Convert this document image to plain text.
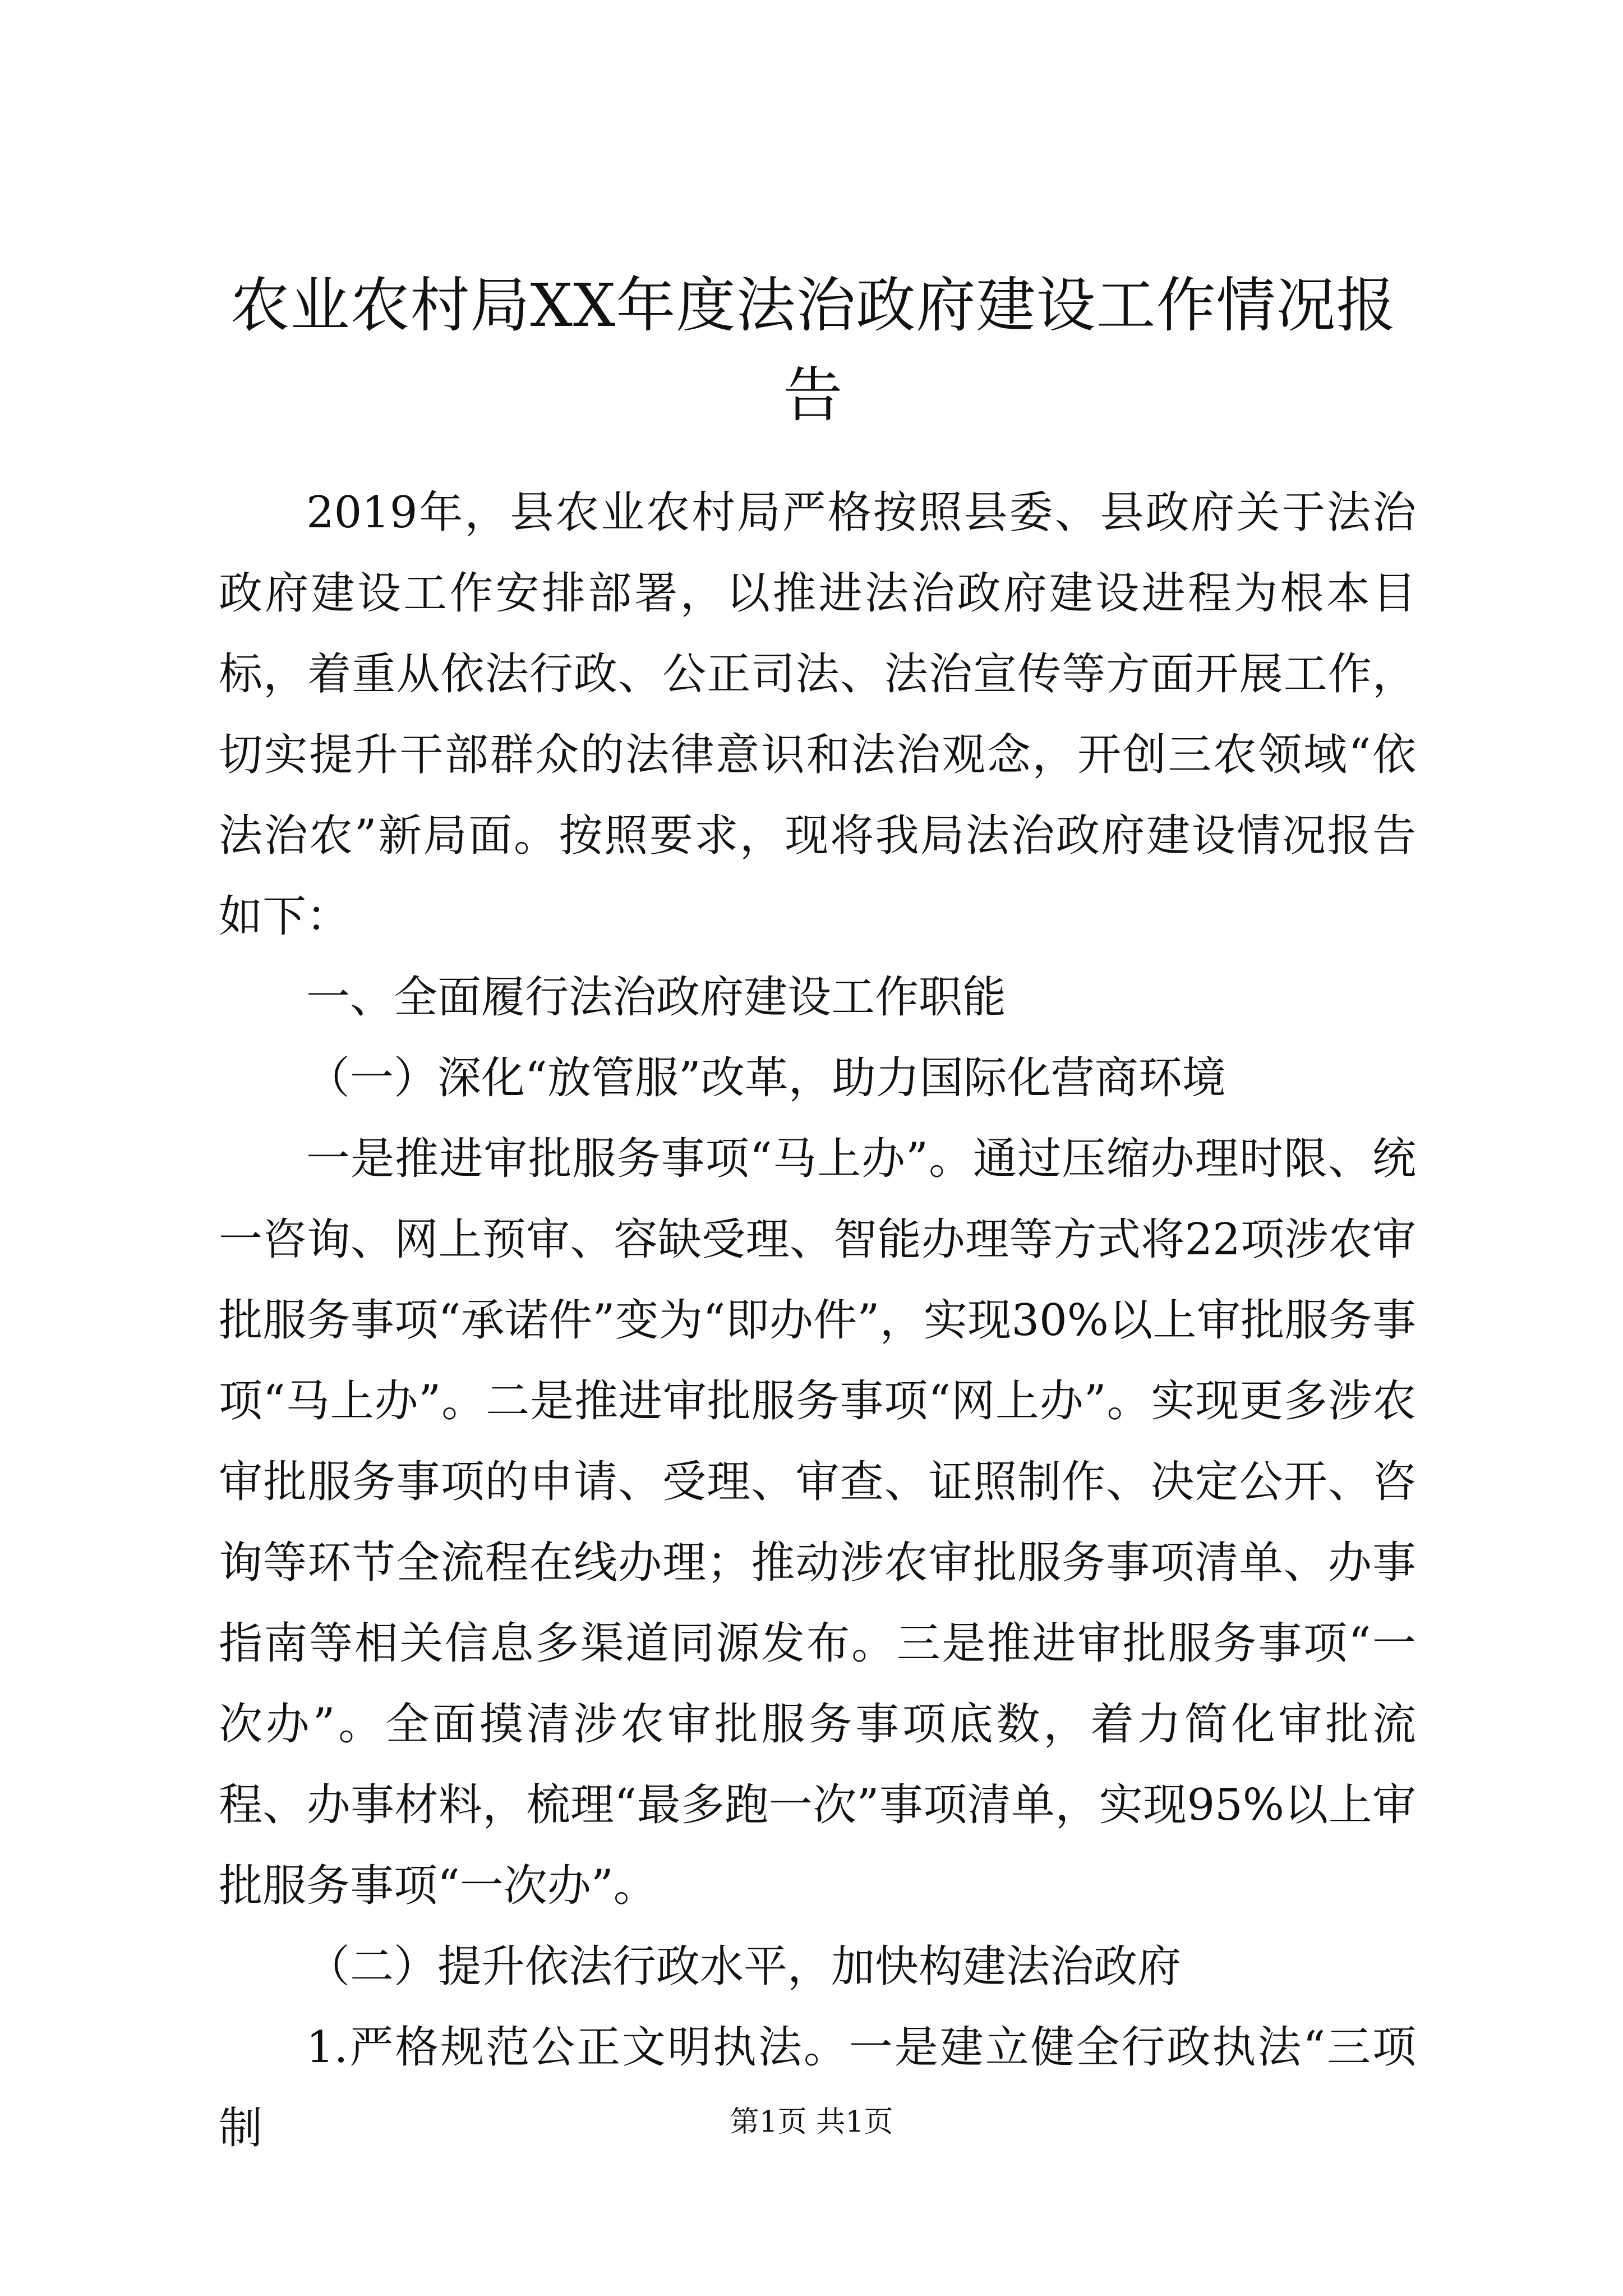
农业农村局XX年度法治政府建设工作情况报告

2019年，县农业农村局严格按照县委、县政府关于法治政府建设工作安排部署，以推进法治政府建设进程为根本目标，着重从依法行政、公正司法、法治宣传等方面开展工作，切实提升干部群众的法律意识和法治观念，开创三农领域“依法治农”新局面。按照要求，现将我局法治政府建设情况报告如下：

一、全面履行法治政府建设工作职能

（一）深化“放管服”改革，助力国际化营商环境

一是推进审批服务事项“马上办”。通过压缩办理时限、统一咨询、网上预审、容缺受理、智能办理等方式将22项涉农审批服务事项“承诺件”变为“即办件”，实现30%以上审批服务事项“马上办”。二是推进审批服务事项“网上办”。实现更多涉农审批服务事项的申请、受理、审查、证照制作、决定公开、咨询等环节全流程在线办理；推动涉农审批服务事项清单、办事指南等相关信息多渠道同源发布。三是推进审批服务事项“一次办”。全面摸清涉农审批服务事项底数，着力简化审批流程、办事材料，梳理“最多跑一次”事项清单，实现95%以上审批服务事项“一次办”。

（二）提升依法行政水平，加快构建法治政府

1.严格规范公正文明执法。一是建立健全行政执法“三项制	第1页 共1页
